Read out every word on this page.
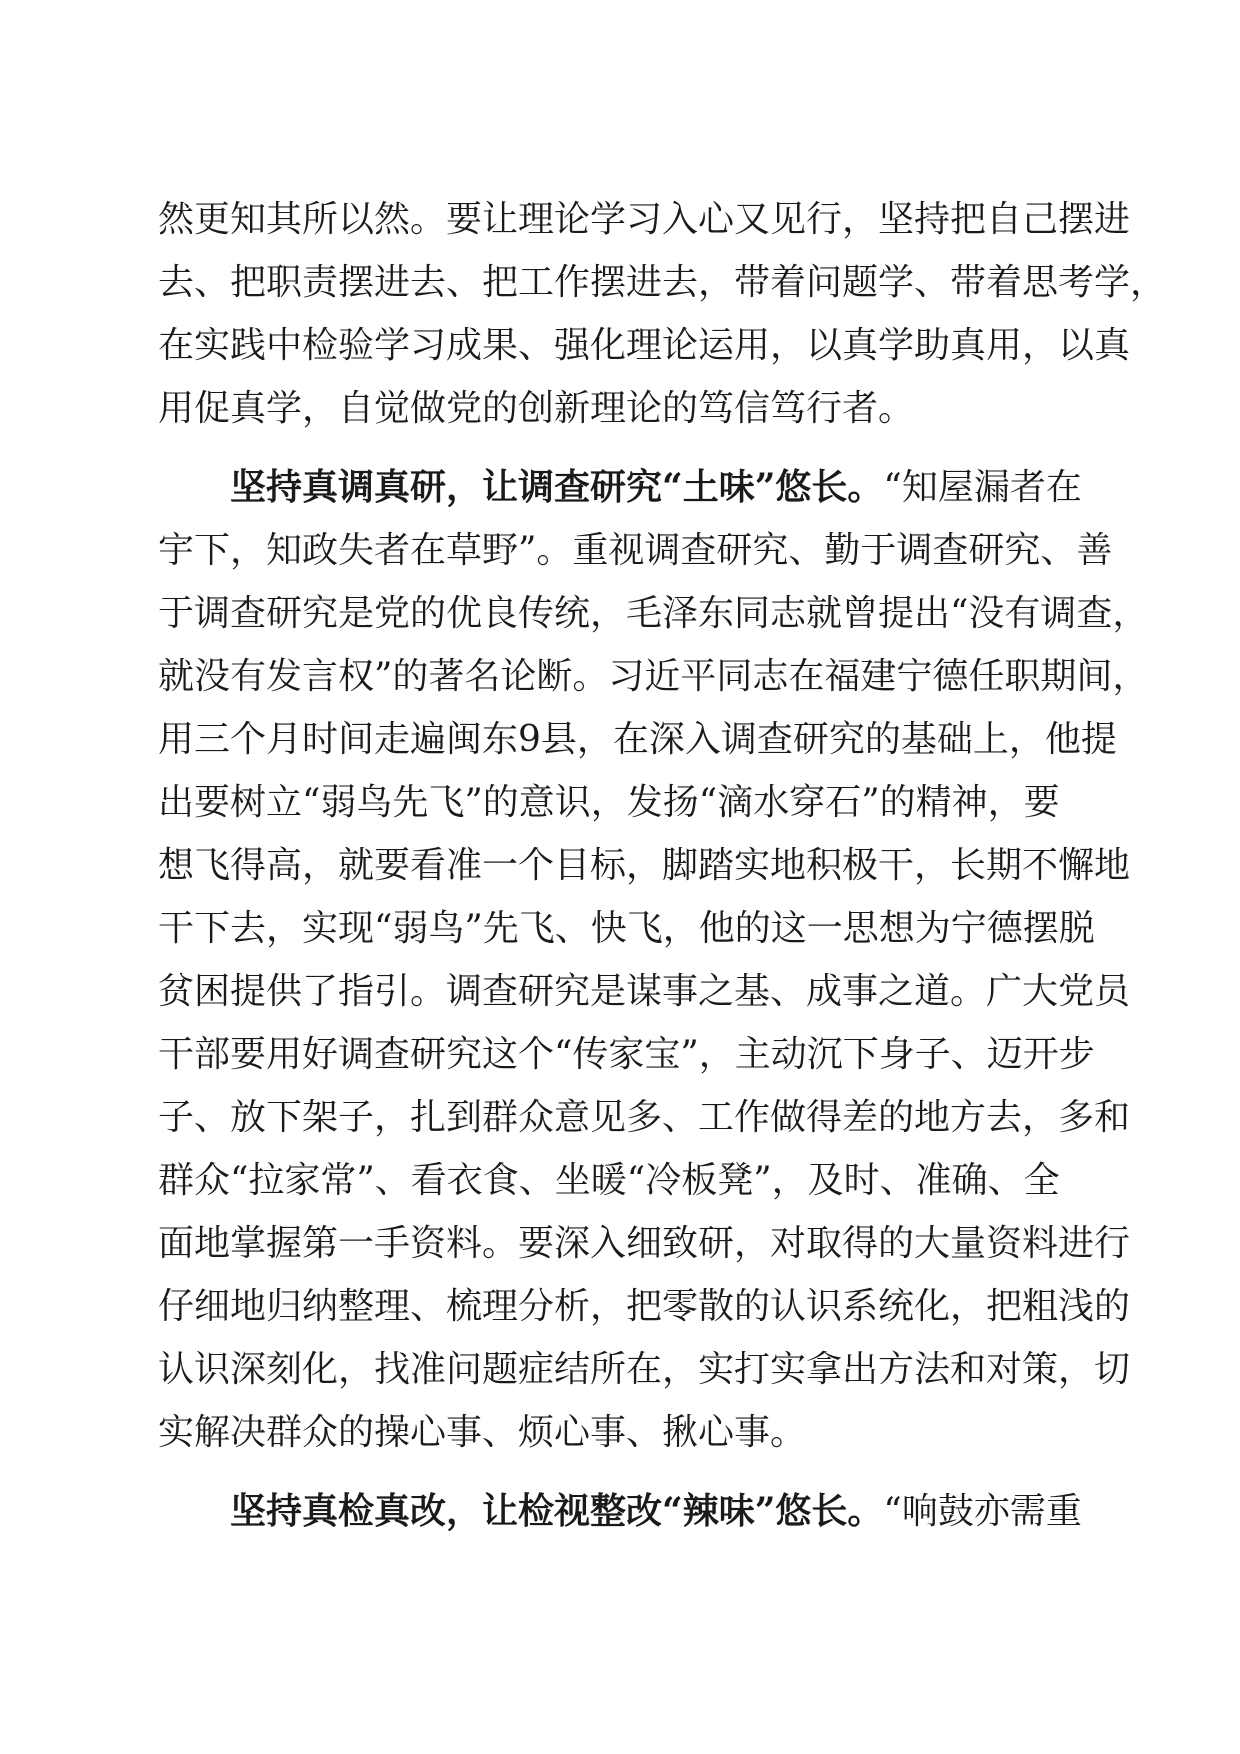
然更知其所以然。要让理论学习入心又见行，坚持把自己摆进
去、把职责摆进去、把工作摆进去，带着问题学、带着思考学，
在实践中检验学习成果、强化理论运用，以真学助真用，以真
用促真学，自觉做党的创新理论的笃信笃行者。
坚持真调真研，让调查研究“土味”悠长。“知屋漏者在
宇下，知政失者在草野”。重视调查研究、勤于调查研究、善
于调查研究是党的优良传统，毛泽东同志就曾提出“没有调查，
就没有发言权”的著名论断。习近平同志在福建宁德任职期间，
用三个月时间走遍闽东9县，在深入调查研究的基础上，他提
出要树立“弱鸟先飞”的意识，发扬“滴水穿石”的精神，要
想飞得高，就要看准一个目标，脚踏实地积极干，长期不懈地
干下去，实现“弱鸟”先飞、快飞，他的这一思想为宁德摆脱
贫困提供了指引。调查研究是谋事之基、成事之道。广大党员
干部要用好调查研究这个“传家宝”，主动沉下身子、迈开步
子、放下架子，扎到群众意见多、工作做得差的地方去，多和
群众“拉家常”、看衣食、坐暖“冷板凳”，及时、准确、全
面地掌握第一手资料。要深入细致研，对取得的大量资料进行
仔细地归纳整理、梳理分析，把零散的认识系统化，把粗浅的
认识深刻化，找准问题症结所在，实打实拿出方法和对策，切
实解决群众的操心事、烦心事、揪心事。
坚持真检真改，让检视整改“辣味”悠长。“响鼓亦需重
